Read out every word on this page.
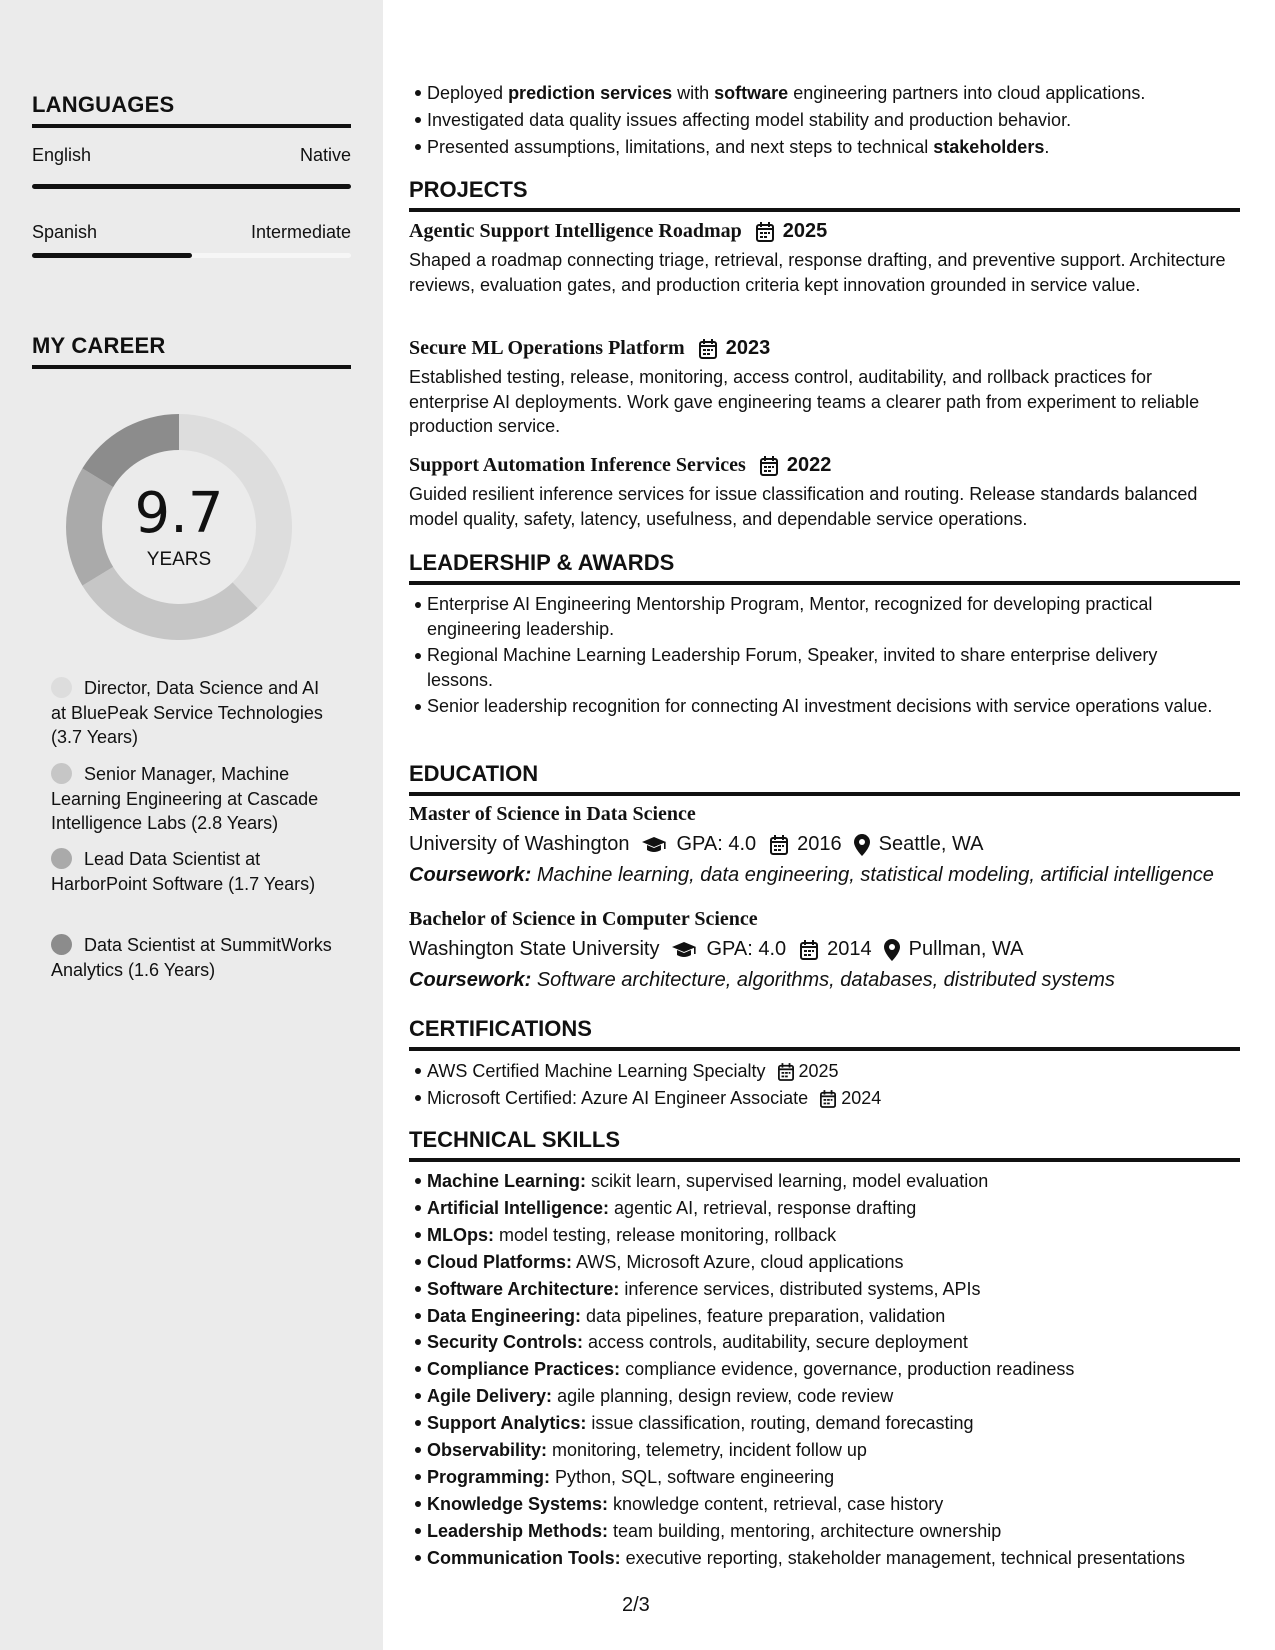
LANGUAGES
English	Native
Spanish	Intermediate
MY CAREER
9.7
YEARS
Director, Data Science and AI at BluePeak Service Technologies (3.7 Years)
Senior Manager, Machine Learning Engineering at Cascade Intelligence Labs (2.8 Years)
Lead Data Scientist at HarborPoint Software (1.7 Years)
Data Scientist at SummitWorks Analytics (1.6 Years)
Deployed prediction services with software engineering partners into cloud applications.
Investigated data quality issues affecting model stability and production behavior.
Presented assumptions, limitations, and next steps to technical stakeholders.
PROJECTS
Agentic Support Intelligence Roadmap 2025
Shaped a roadmap connecting triage, retrieval, response drafting, and preventive support. Architecture reviews, evaluation gates, and production criteria kept innovation grounded in service value.
Secure ML Operations Platform 2023
Established testing, release, monitoring, access control, auditability, and rollback practices for enterprise AI deployments. Work gave engineering teams a clearer path from experiment to reliable production service.
Support Automation Inference Services 2022
Guided resilient inference services for issue classification and routing. Release standards balanced model quality, safety, latency, usefulness, and dependable service operations.
LEADERSHIP & AWARDS
Enterprise AI Engineering Mentorship Program, Mentor, recognized for developing practical engineering leadership.
Regional Machine Learning Leadership Forum, Speaker, invited to share enterprise delivery lessons.
Senior leadership recognition for connecting AI investment decisions with service operations value.
EDUCATION
Master of Science in Data Science
University of Washington GPA: 4.0 2016 Seattle, WA
Coursework: Machine learning, data engineering, statistical modeling, artificial intelligence
Bachelor of Science in Computer Science
Washington State University GPA: 4.0 2014 Pullman, WA
Coursework: Software architecture, algorithms, databases, distributed systems
CERTIFICATIONS
AWS Certified Machine Learning Specialty 2025
Microsoft Certified: Azure AI Engineer Associate 2024
TECHNICAL SKILLS
Machine Learning: scikit learn, supervised learning, model evaluation
Artificial Intelligence: agentic AI, retrieval, response drafting
MLOps: model testing, release monitoring, rollback
Cloud Platforms: AWS, Microsoft Azure, cloud applications
Software Architecture: inference services, distributed systems, APIs
Data Engineering: data pipelines, feature preparation, validation
Security Controls: access controls, auditability, secure deployment
Compliance Practices: compliance evidence, governance, production readiness
Agile Delivery: agile planning, design review, code review
Support Analytics: issue classification, routing, demand forecasting
Observability: monitoring, telemetry, incident follow up
Programming: Python, SQL, software engineering
Knowledge Systems: knowledge content, retrieval, case history
Leadership Methods: team building, mentoring, architecture ownership
Communication Tools: executive reporting, stakeholder management, technical presentations
2/3
